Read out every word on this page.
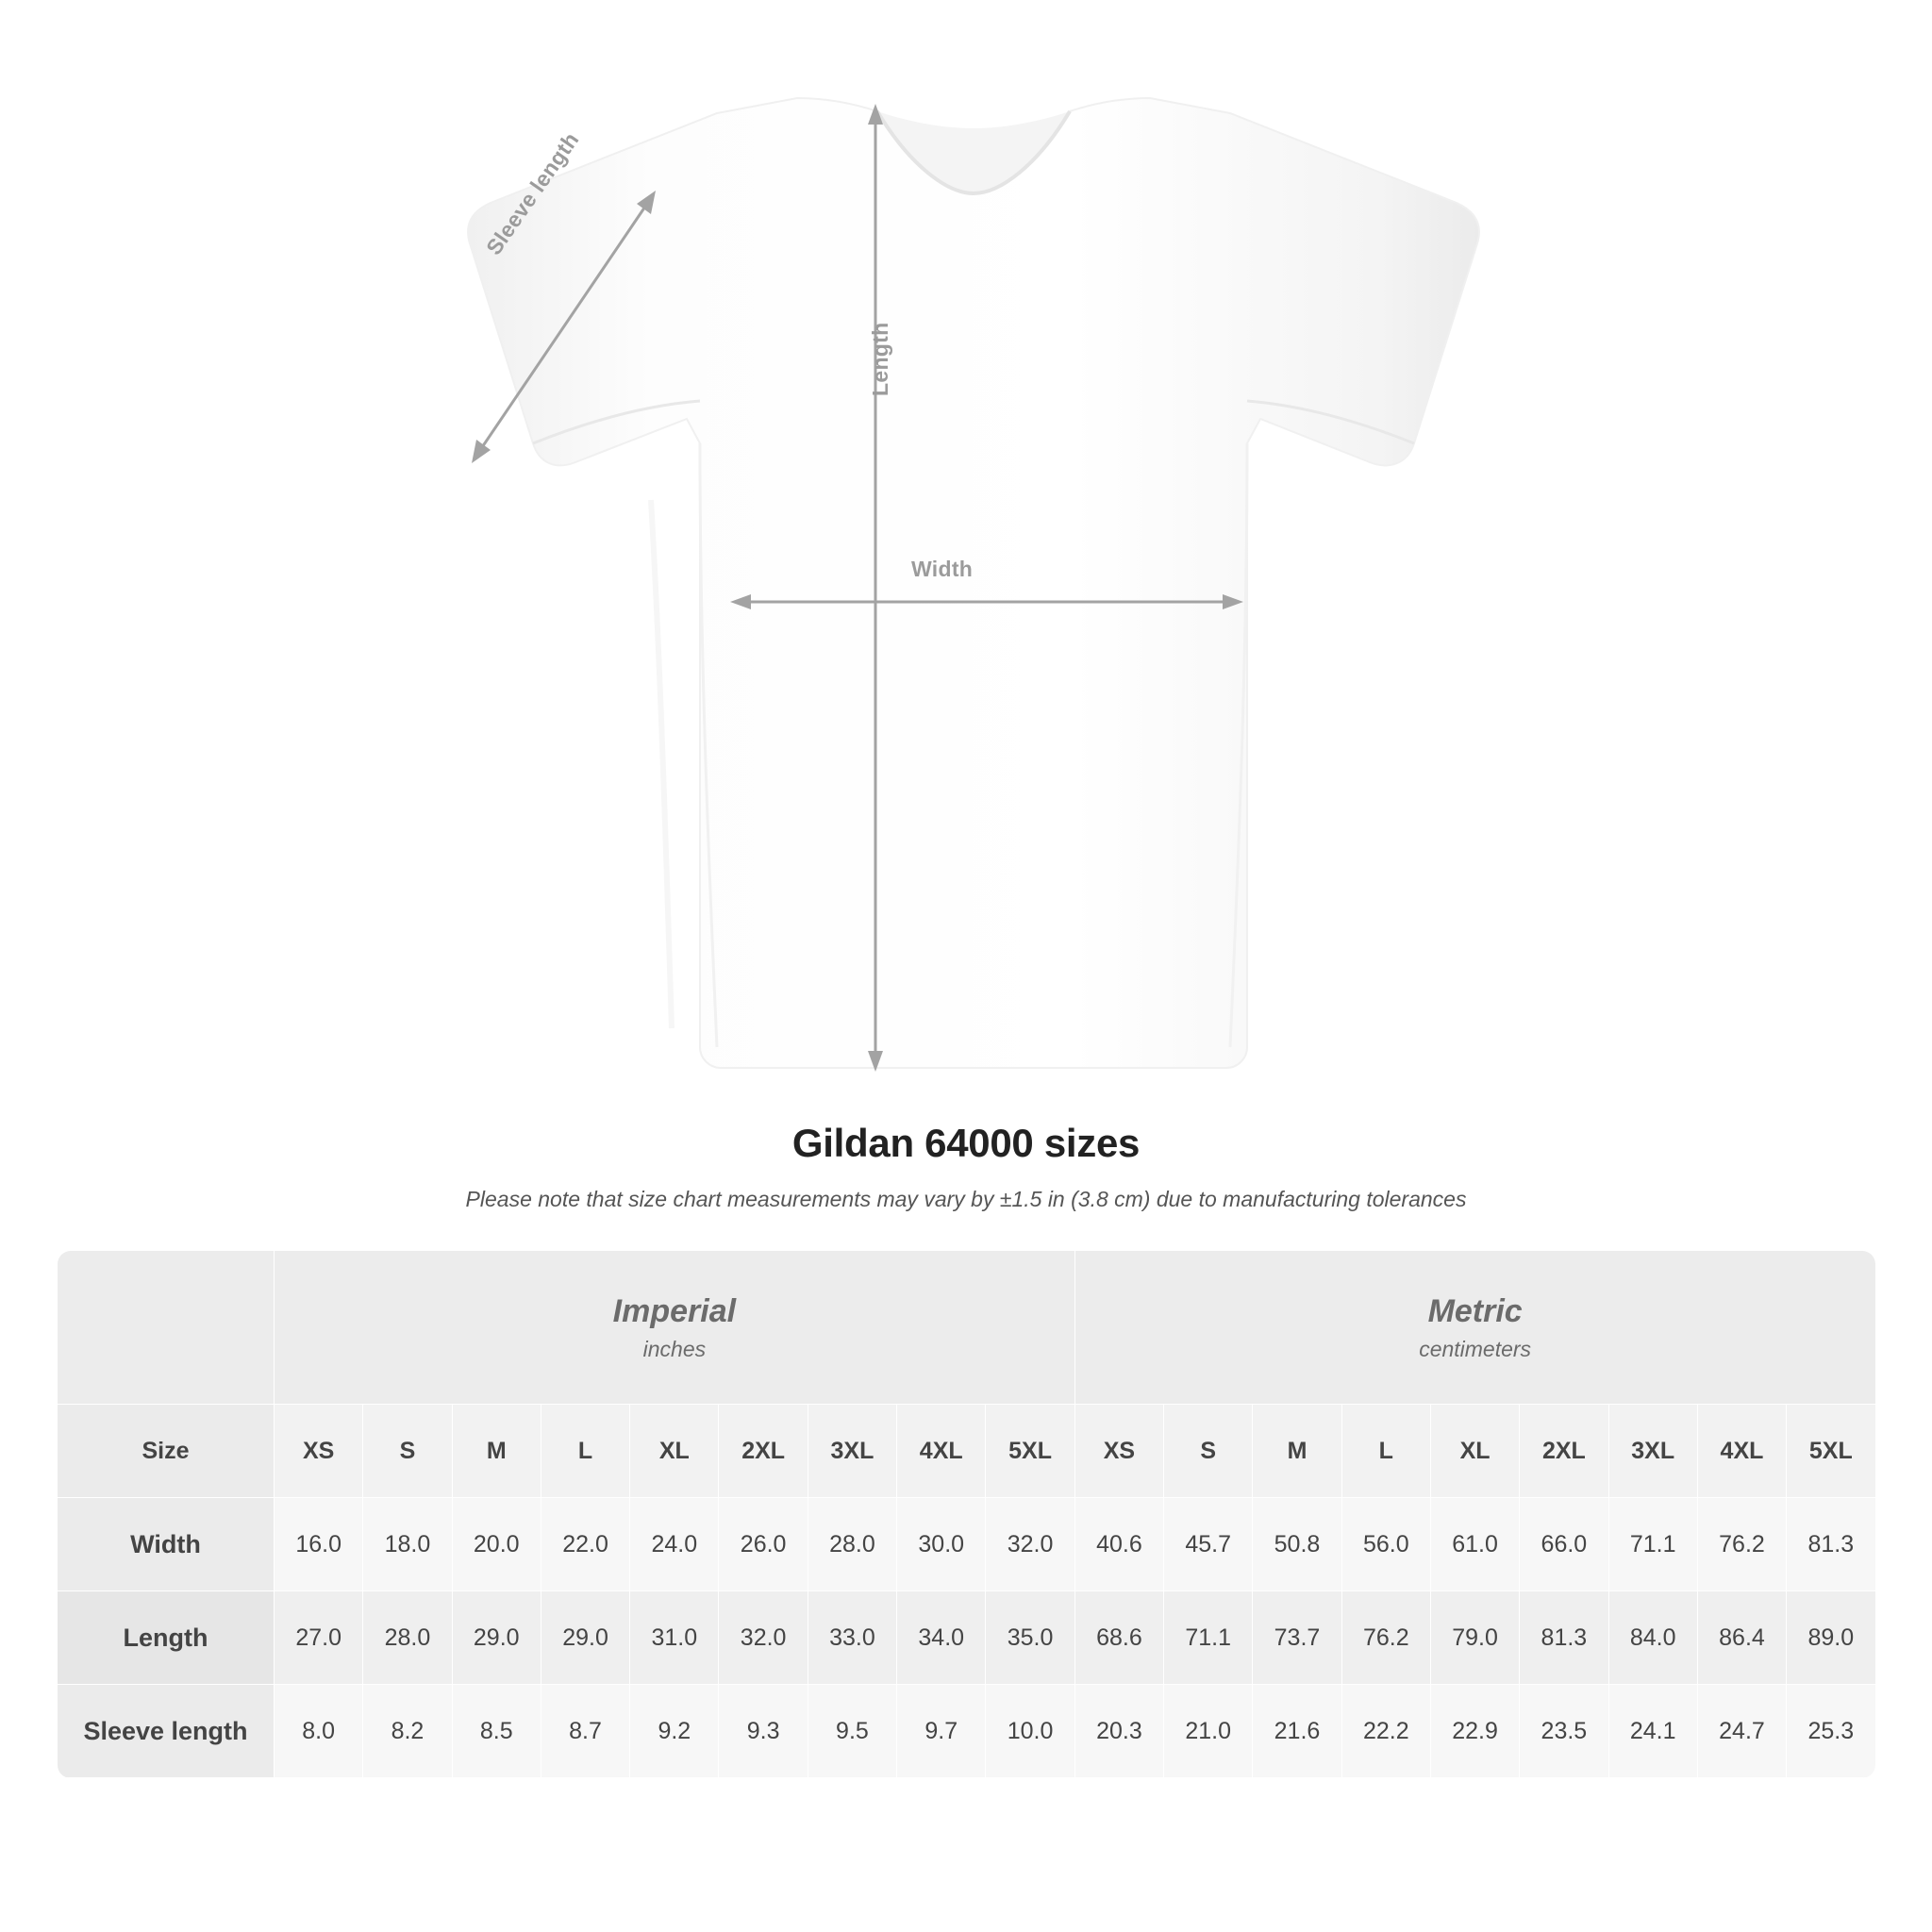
Width
Length
Sleeve length
Gildan 64000 sizes
Please note that size chart measurements may vary by ±1.5 in (3.8 cm) due to manufacturing tolerances

	Imperial
inches									Metric
centimeters								

Size	XS	S	M	L	XL	2XL	3XL	4XL	5XL	XS	S	M	L	XL	2XL	3XL	4XL	5XL
Width	16.0	18.0	20.0	22.0	24.0	26.0	28.0	30.0	32.0	40.6	45.7	50.8	56.0	61.0	66.0	71.1	76.2	81.3
Length	27.0	28.0	29.0	29.0	31.0	32.0	33.0	34.0	35.0	68.6	71.1	73.7	76.2	79.0	81.3	84.0	86.4	89.0
Sleeve length	8.0	8.2	8.5	8.7	9.2	9.3	9.5	9.7	10.0	20.3	21.0	21.6	22.2	22.9	23.5	24.1	24.7	25.3
